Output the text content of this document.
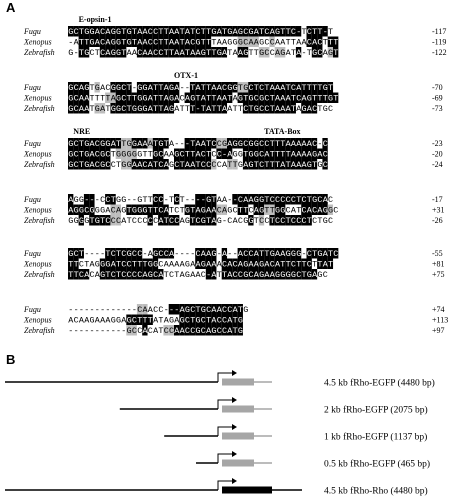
A
E-opsin-1
Fugu	G C T G G A C A G G T G T A A C C T T A A T A T C T T G A T G A G C G A T C A G T T C - T C T T - T	-117
Xenopus - A T T G A C A G G T G T A A C C T T A A T A C G T T T A A G G G C A A G C C A A T T A A C A C T T T	-119
Zebrafish G - T G C T C A G G T A A C A A C C T T A A T A A G T T G A T A A G T T G C C A G A T A - T G C A G T	-122
OTX-1
Fugu	G C A G T G A C G G C T - G G A T T A G A - - T A T T A A C G G T G C T C T A A A T C A T T T T G T	-70
Xenopus G C A A T T T T A G C T T G G A T T A G A C A G T A T T A A T A G T G C G C T A A A T C A G T T T G T	-69
Zebrafish G C A A T G A T G G C T G G G A T T A G A T T T - T A T T A A T T C T G C C T A A A T A G A C T G C	-73
NRE	TATA-Box
Fugu	G C T G A C G G A T T G G A A A T G T A - - - T A A T C C G A G G C G G C C T T T A A A A A C - C	-23
Xenopus G C T G A C G C T G G G G G T T G C A A G C T T A C T C C - A G G T G G C A T T T T A A A A G A C	-20
Zebrafish G C T G A C G C C T G G A A C A T C A G C T A A T C C C C A T T G A G T C T T T A T A A A G T G C	-24
Fugu	A G G - - - C C T G G - - G T T C C - T C T - - - - G T A A - - C A A G G T C C C C C T C T G C A C	-17
Xenopus A G G C G G G A C A G T G G G T T C A T C T G T A G A A C A G C T T C A G T T G G C A T C A C A G G C	+31
Zebrafish G G G G T G T C C C A T C C C C C A T C C A G T C G T A G - C A C G G T C C T C C T C C C T C T G C	-26
Fugu	G C T - - - - T C T C G C C - A G C C A - - - - C A A G - A - - A C C A T T G A A G G G - C T G A T C	-55
Xenopus T T C T A G G G A T C C T T T G G C A A A A G A A G A A A C A C A G A A G A C A T T C T T C T T A T	+81
Zebrafish T T C A C A G T C T C C C C A G C A T C T A G A A C - A T T A C C G C A G A A G G G G C T G A G C	+75
Fugu	- - - - - - - - - - - - - C A A C C - - - A G C T G C A A C C A T G	+74
Xenopus A C A A G A A A G G A G C T T T A T A G A G C T G C T A C C A T G	+113
Zebrafish - - - - - - - - - - - G C C A C A T C C A A C C G C A G C C A T G	+97
B
4.5 kb fRho-EGFP (4480 bp)
2 kb fRho-EGFP (2075 bp)
1 kb fRho-EGFP (1137 bp)
0.5 kb fRho-EGFP (465 bp)
4.5 kb fRho-Rho (4480 bp)
